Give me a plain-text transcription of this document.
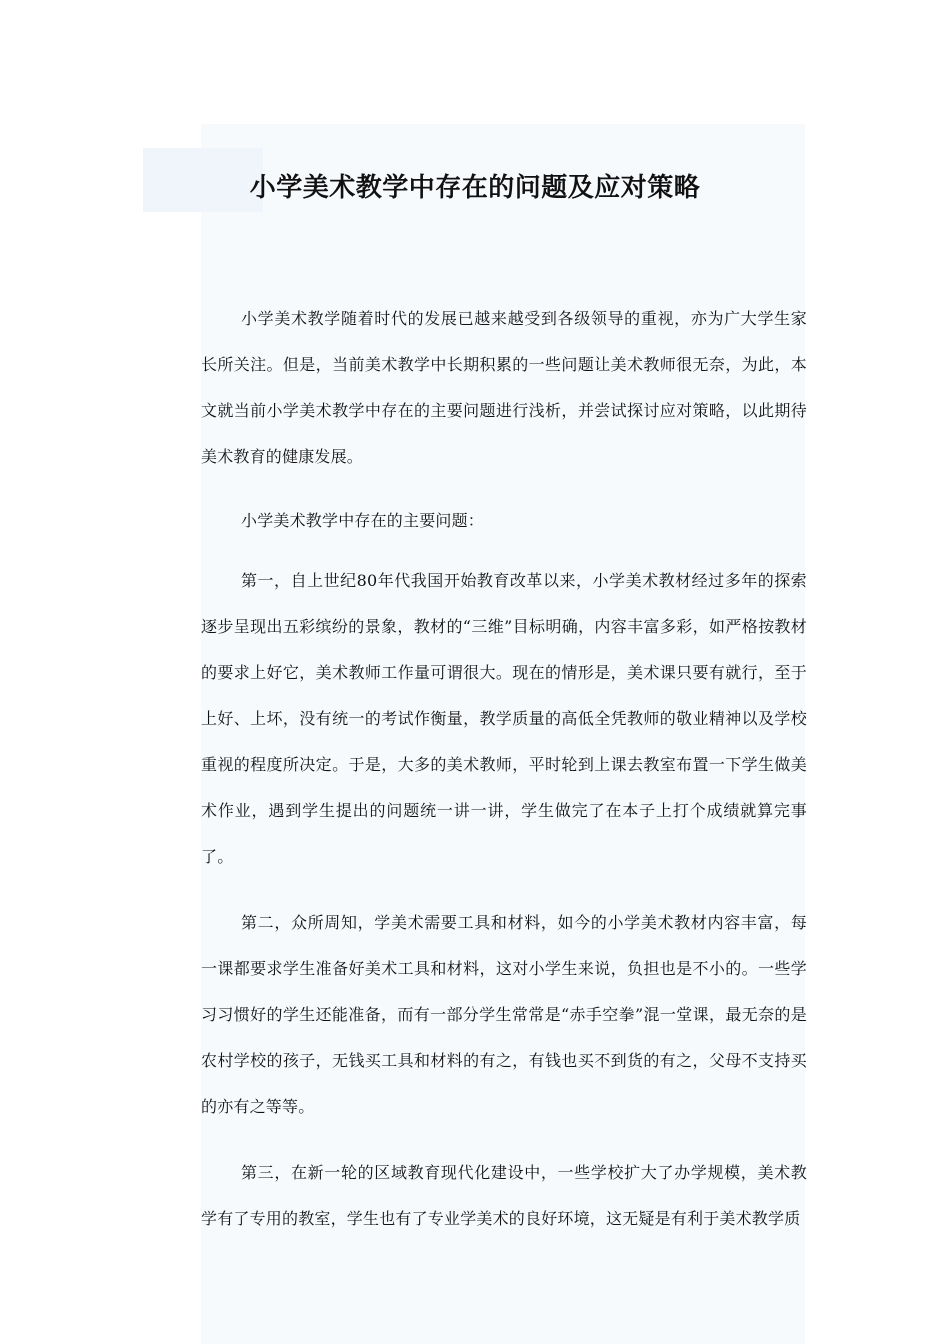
小学美术教学中存在的问题及应对策略

小学美术教学随着时代的发展已越来越受到各级领导的重视，亦为广大学生家长所关注。但是，当前美术教学中长期积累的一些问题让美术教师很无奈，为此，本文就当前小学美术教学中存在的主要问题进行浅析，并尝试探讨应对策略，以此期待美术教育的健康发展。

小学美术教学中存在的主要问题：

第一，自上世纪80年代我国开始教育改革以来，小学美术教材经过多年的探索逐步呈现出五彩缤纷的景象，教材的“三维”目标明确，内容丰富多彩，如严格按教材的要求上好它，美术教师工作量可谓很大。现在的情形是，美术课只要有就行，至于上好、上坏，没有统一的考试作衡量，教学质量的高低全凭教师的敬业精神以及学校重视的程度所决定。于是，大多的美术教师，平时轮到上课去教室布置一下学生做美术作业，遇到学生提出的问题统一讲一讲，学生做完了在本子上打个成绩就算完事了。

第二，众所周知，学美术需要工具和材料，如今的小学美术教材内容丰富，每一课都要求学生准备好美术工具和材料，这对小学生来说，负担也是不小的。一些学习习惯好的学生还能准备，而有一部分学生常常是“赤手空拳”混一堂课，最无奈的是农村学校的孩子，无钱买工具和材料的有之，有钱也买不到货的有之，父母不支持买的亦有之等等。

第三，在新一轮的区域教育现代化建设中，一些学校扩大了办学规模，美术教学有了专用的教室，学生也有了专业学美术的良好环境，这无疑是有利于美术教学质
